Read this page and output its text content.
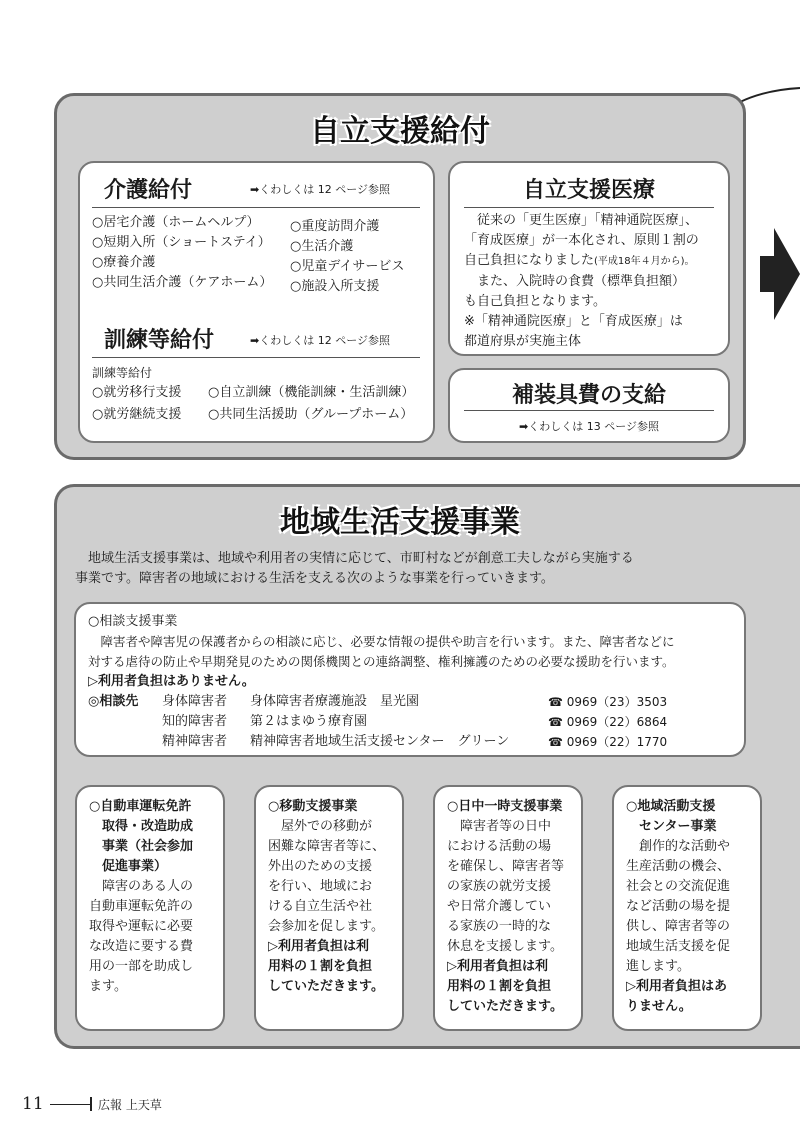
自立支援給付
介護給付	➡くわしくは 12 ページ参照
○居宅介護（ホームヘルプ）
○短期入所（ショートステイ）
○療養介護
○共同生活介護（ケアホーム）
○重度訪問介護
○生活介護
○児童デイサービス
○施設入所支援
訓練等給付	➡くわしくは 12 ページ参照
訓練等給付
○就労移行支援 ○自立訓練（機能訓練・生活訓練）
○就労継続支援 ○共同生活援助（グループホーム）
自立支援医療
　従来の「更生医療」「精神通院医療」、
「育成医療」が一本化され、原則１割の
自己負担になりました(平成18年４月から)。
　また、入院時の食費（標準負担額）
も自己負担となります。
※「精神通院医療」と「育成医療」は
都道府県が実施主体
補装具費の支給
➡くわしくは 13 ページ参照
地域生活支援事業
　地域生活支援事業は、地域や利用者の実情に応じて、市町村などが創意工夫しながら実施する
事業です。障害者の地域における生活を支える次のような事業を行っていきます。
○相談支援事業
　障害者や障害児の保護者からの相談に応じ、必要な情報の提供や助言を行います。また、障害者などに
対する虐待の防止や早期発見のための関係機関との連絡調整、権利擁護のための必要な援助を行います。
▷利用者負担はありません。
◎相談先 身体障害者 身体障害者療護施設　星光園	☎ 0969（23）3503
知的障害者 第２はまゆう療育園	☎ 0969（22）6864
精神障害者 精神障害者地域生活支援センター　グリーン	☎ 0969（22）1770
○自動車運転免許
　取得・改造助成
　事業（社会参加
　促進事業）
　障害のある人の
自動車運転免許の
取得や運転に必要
な改造に要する費
用の一部を助成し
ます。
○移動支援事業
　屋外での移動が
困難な障害者等に、
外出のための支援
を行い、地域にお
ける自立生活や社
会参加を促します。
▷利用者負担は利
用料の１割を負担
していただきます。
○日中一時支援事業
　障害者等の日中
における活動の場
を確保し、障害者等
の家族の就労支援
や日常介護してい
る家族の一時的な
休息を支援します。
▷利用者負担は利
用料の１割を負担
していただきます。
○地域活動支援
　センター事業
　創作的な活動や
生産活動の機会、
社会との交流促進
など活動の場を提
供し、障害者等の
地域生活支援を促
進します。
▷利用者負担はあ
りません。
11	広報 上天草
